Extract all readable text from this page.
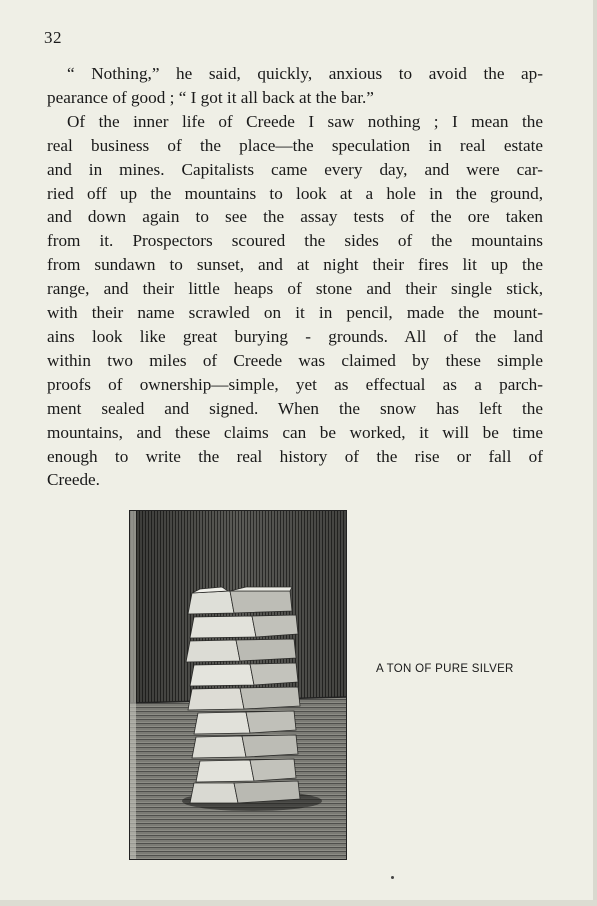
32
“ Nothing,” he said, quickly, anxious to avoid the ap-
pearance of good ; “ I got it all back at the bar.”
Of the inner life of Creede I saw nothing ; I mean the
real business of the place—the speculation in real estate
and in mines. Capitalists came every day, and were car-
ried off up the mountains to look at a hole in the ground,
and down again to see the assay tests of the ore taken
from it. Prospectors scoured the sides of the mountains
from sundawn to sunset, and at night their fires lit up the
range, and their little heaps of stone and their single stick,
with their name scrawled on it in pencil, made the mount-
ains look like great burying - grounds. All of the land
within two miles of Creede was claimed by these simple
proofs of ownership—simple, yet as effectual as a parch-
ment sealed and signed. When the snow has left the
mountains, and these claims can be worked, it will be time
enough to write the real history of the rise or fall of
Creede.
A TON OF PURE SILVER
